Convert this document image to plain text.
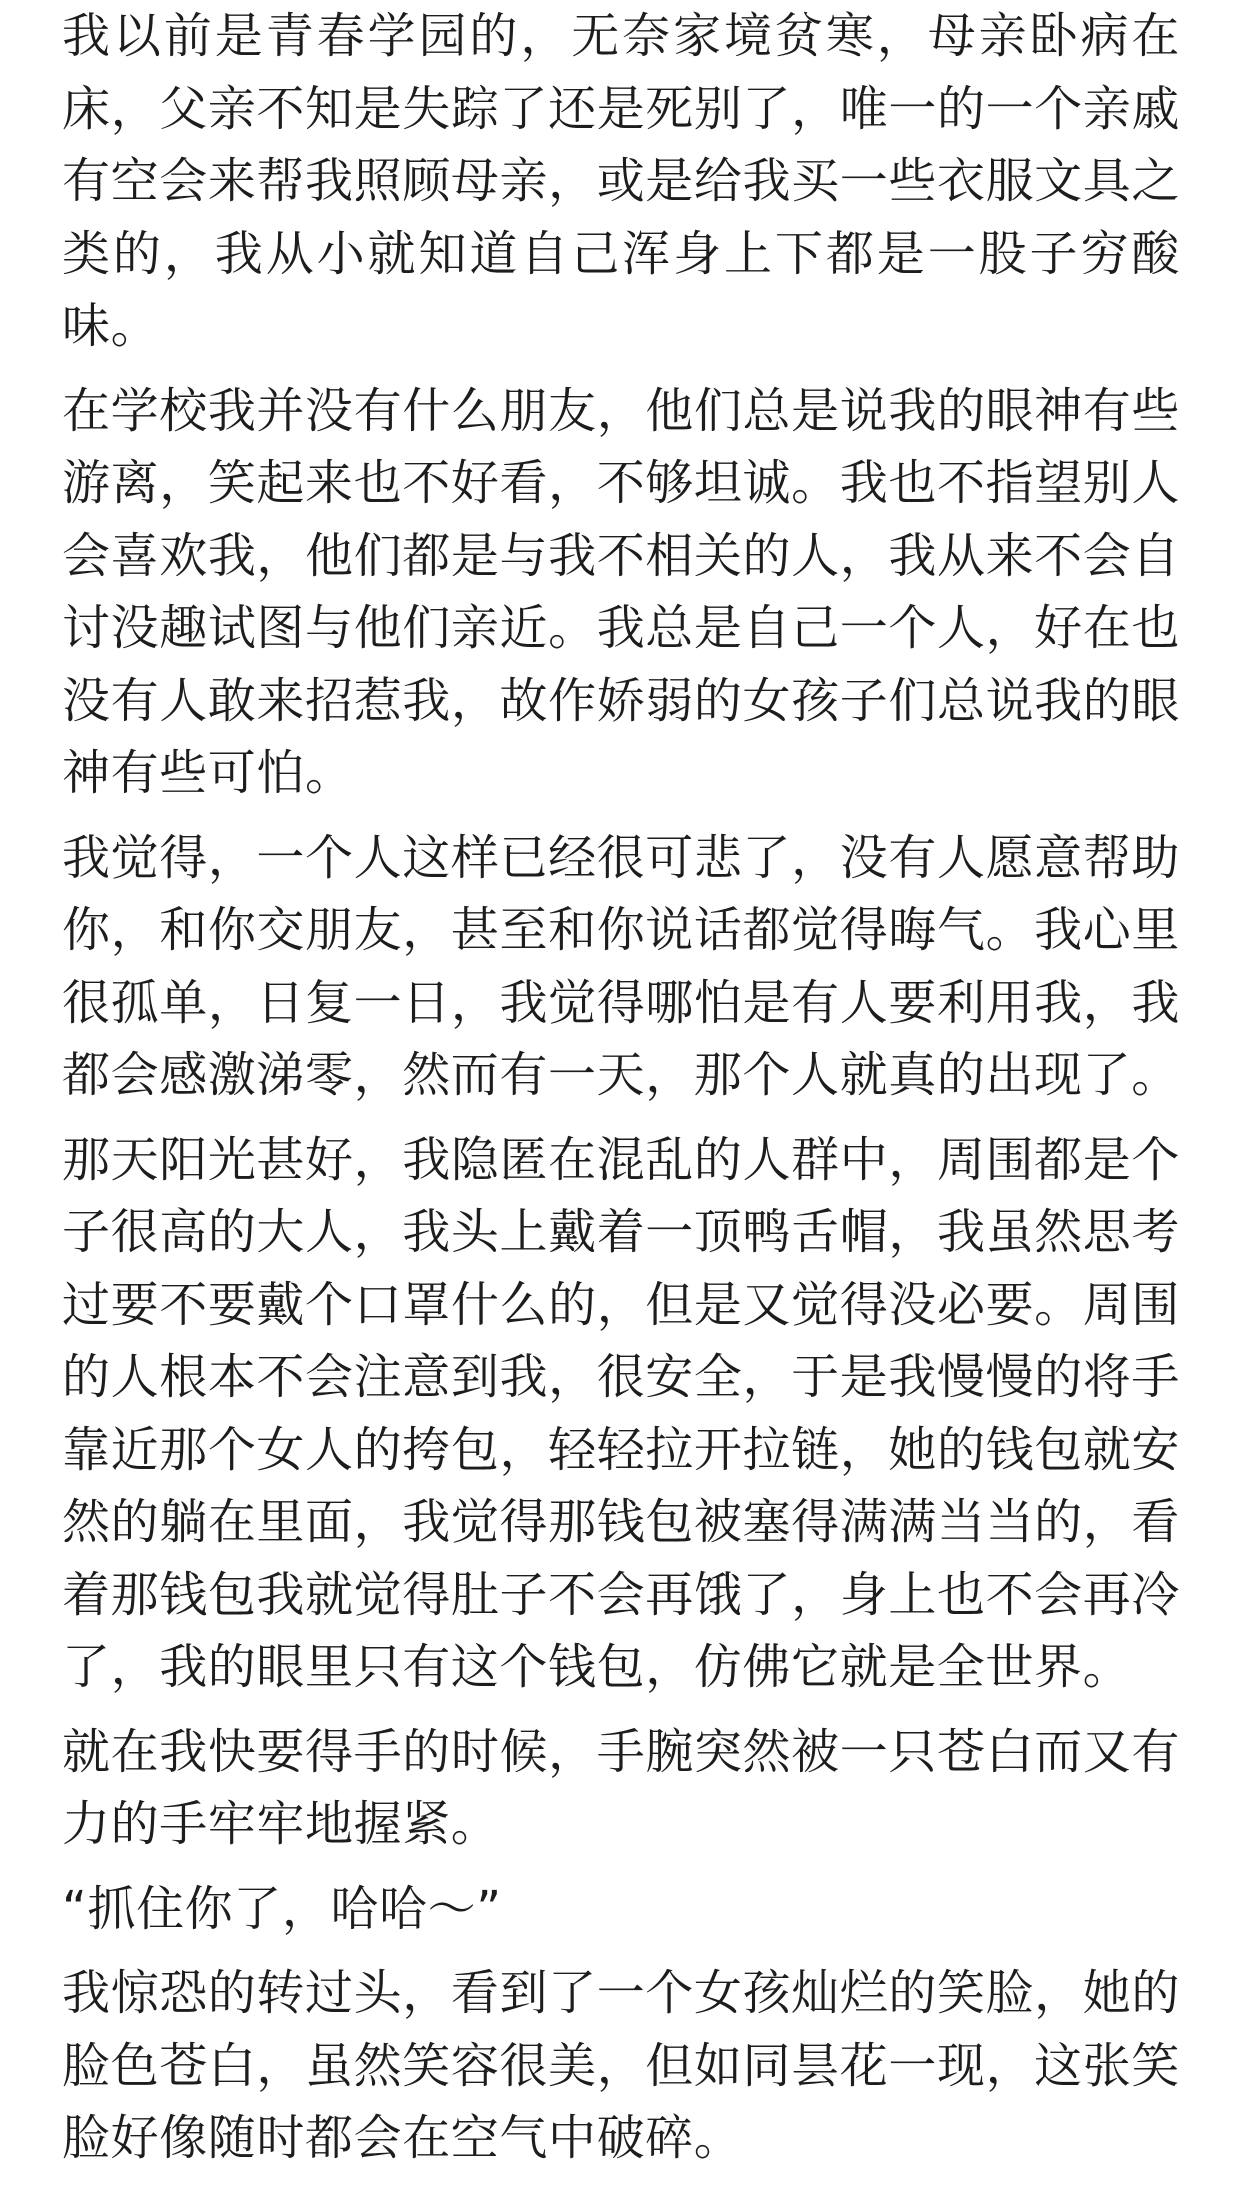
我以前是青春学园的，无奈家境贫寒，母亲卧病在床，父亲不知是失踪了还是死别了，唯一的一个亲戚有空会来帮我照顾母亲，或是给我买一些衣服文具之类的，我从小就知道自己浑身上下都是一股子穷酸味。

在学校我并没有什么朋友，他们总是说我的眼神有些游离，笑起来也不好看，不够坦诚。我也不指望别人会喜欢我，他们都是与我不相关的人，我从来不会自讨没趣试图与他们亲近。我总是自己一个人，好在也没有人敢来招惹我，故作娇弱的女孩子们总说我的眼神有些可怕。

我觉得，一个人这样已经很可悲了，没有人愿意帮助你，和你交朋友，甚至和你说话都觉得晦气。我心里很孤单，日复一日，我觉得哪怕是有人要利用我，我都会感激涕零，然而有一天，那个人就真的出现了。

那天阳光甚好，我隐匿在混乱的人群中，周围都是个子很高的大人，我头上戴着一顶鸭舌帽，我虽然思考过要不要戴个口罩什么的，但是又觉得没必要。周围的人根本不会注意到我，很安全，于是我慢慢的将手靠近那个女人的挎包，轻轻拉开拉链，她的钱包就安然的躺在里面，我觉得那钱包被塞得满满当当的，看着那钱包我就觉得肚子不会再饿了，身上也不会再冷了，我的眼里只有这个钱包，仿佛它就是全世界。

就在我快要得手的时候，手腕突然被一只苍白而又有力的手牢牢地握紧。

“抓住你了，哈哈～”

我惊恐的转过头，看到了一个女孩灿烂的笑脸，她的脸色苍白，虽然笑容很美，但如同昙花一现，这张笑脸好像随时都会在空气中破碎。
